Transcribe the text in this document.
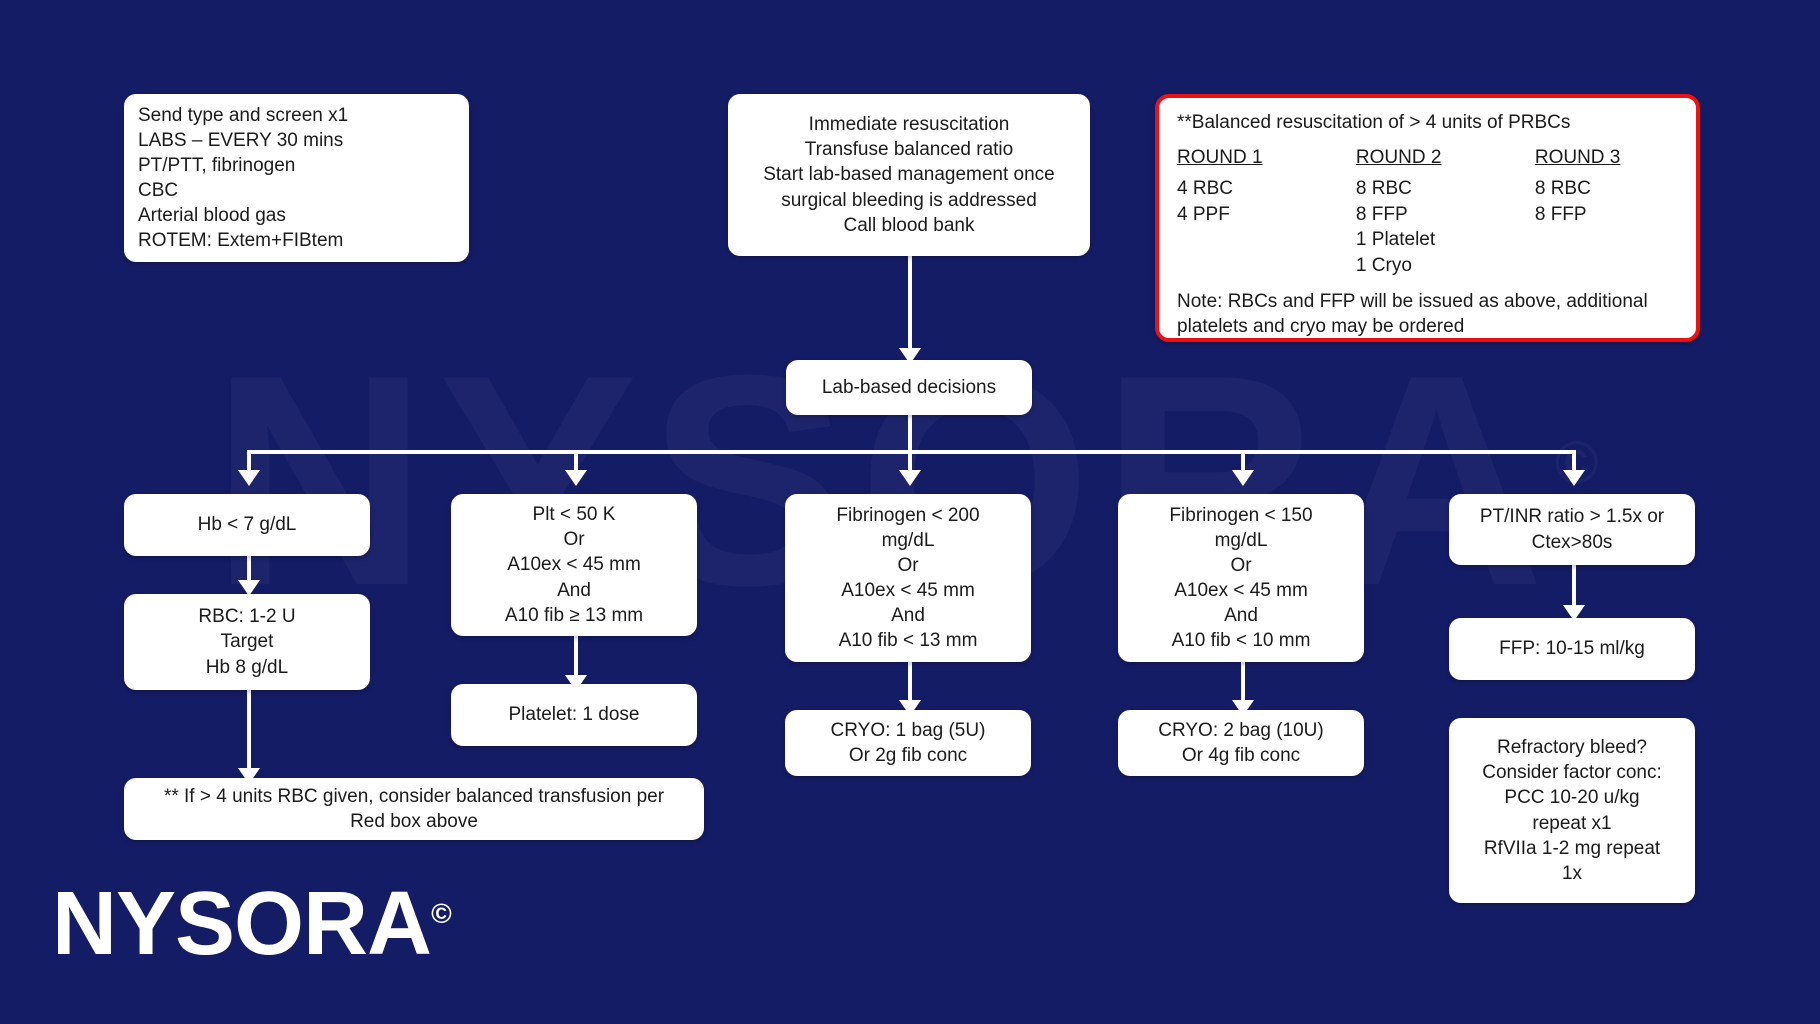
Send type and screen x1
LABS – EVERY 30 mins
PT/PTT, fibrinogen
CBC
Arterial blood gas
ROTEM: Extem+FIBtem
Immediate resuscitation
Transfuse balanced ratio
Start lab-based management once
surgical bleeding is addressed
Call blood bank
**Balanced resuscitation of > 4 units of PRBCs
ROUND 1
4 RBC
4 PPF
ROUND 2
8 RBC
8 FFP
1 Platelet
1 Cryo
ROUND 3
8 RBC
8 FFP
Note: RBCs and FFP will be issued as above, additional
platelets and cryo may be ordered
Lab-based decisions
Hb < 7 g/dL
RBC: 1-2 U
Target
Hb 8 g/dL
** If > 4 units RBC given, consider balanced transfusion per
Red box above
Plt < 50 K
Or
A10ex < 45 mm
And
A10 fib ≥ 13 mm
Platelet: 1 dose
Fibrinogen < 200
mg/dL
Or
A10ex < 45 mm
And
A10 fib < 13 mm
CRYO: 1 bag (5U)
Or 2g fib conc
Fibrinogen < 150
mg/dL
Or
A10ex < 45 mm
And
A10 fib < 10 mm
CRYO: 2 bag (10U)
Or 4g fib conc
PT/INR ratio > 1.5x or
Ctex>80s
FFP: 10-15 ml/kg
Refractory bleed?
Consider factor conc:
PCC 10-20 u/kg
repeat x1
RfVIIa 1-2 mg repeat
1x
NYSORA©
